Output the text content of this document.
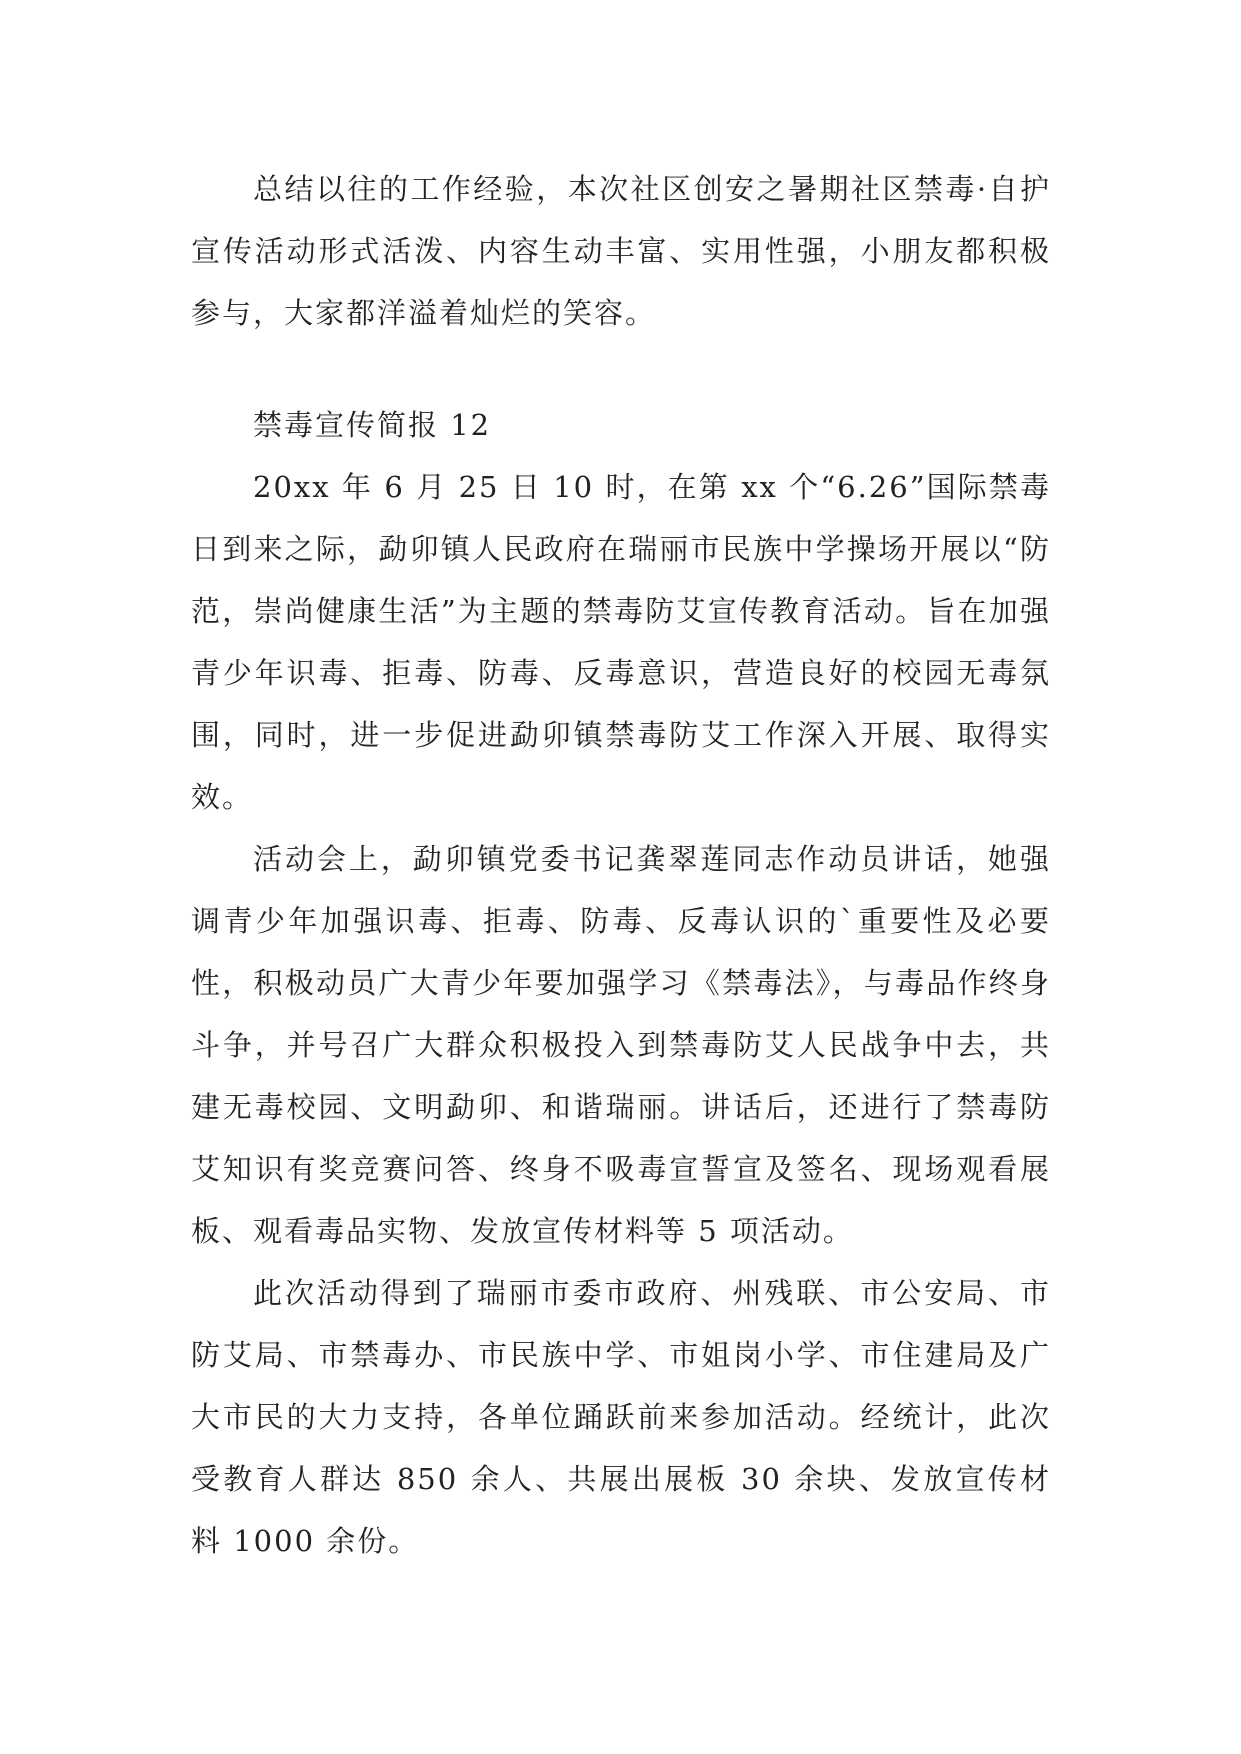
总结以往的工作经验，本次社区创安之暑期社区禁毒·自护宣传活动形式活泼、内容生动丰富、实用性强，小朋友都积极参与，大家都洋溢着灿烂的笑容。

禁毒宣传简报 12

20xx 年 6 月 25 日 10 时，在第 xx 个“6.26”国际禁毒日到来之际，勐卯镇人民政府在瑞丽市民族中学操场开展以“防范，崇尚健康生活”为主题的禁毒防艾宣传教育活动。旨在加强青少年识毒、拒毒、防毒、反毒意识，营造良好的校园无毒氛围，同时，进一步促进勐卯镇禁毒防艾工作深入开展、取得实效。

活动会上，勐卯镇党委书记龚翠莲同志作动员讲话，她强调青少年加强识毒、拒毒、防毒、反毒认识的`重要性及必要性，积极动员广大青少年要加强学习《禁毒法》，与毒品作终身斗争，并号召广大群众积极投入到禁毒防艾人民战争中去，共建无毒校园、文明勐卯、和谐瑞丽。讲话后，还进行了禁毒防艾知识有奖竞赛问答、终身不吸毒宣誓宣及签名、现场观看展板、观看毒品实物、发放宣传材料等 5 项活动。

此次活动得到了瑞丽市委市政府、州残联、市公安局、市防艾局、市禁毒办、市民族中学、市姐岗小学、市住建局及广大市民的大力支持，各单位踊跃前来参加活动。经统计，此次受教育人群达 850 余人、共展出展板 30 余块、发放宣传材料 1000 余份。
